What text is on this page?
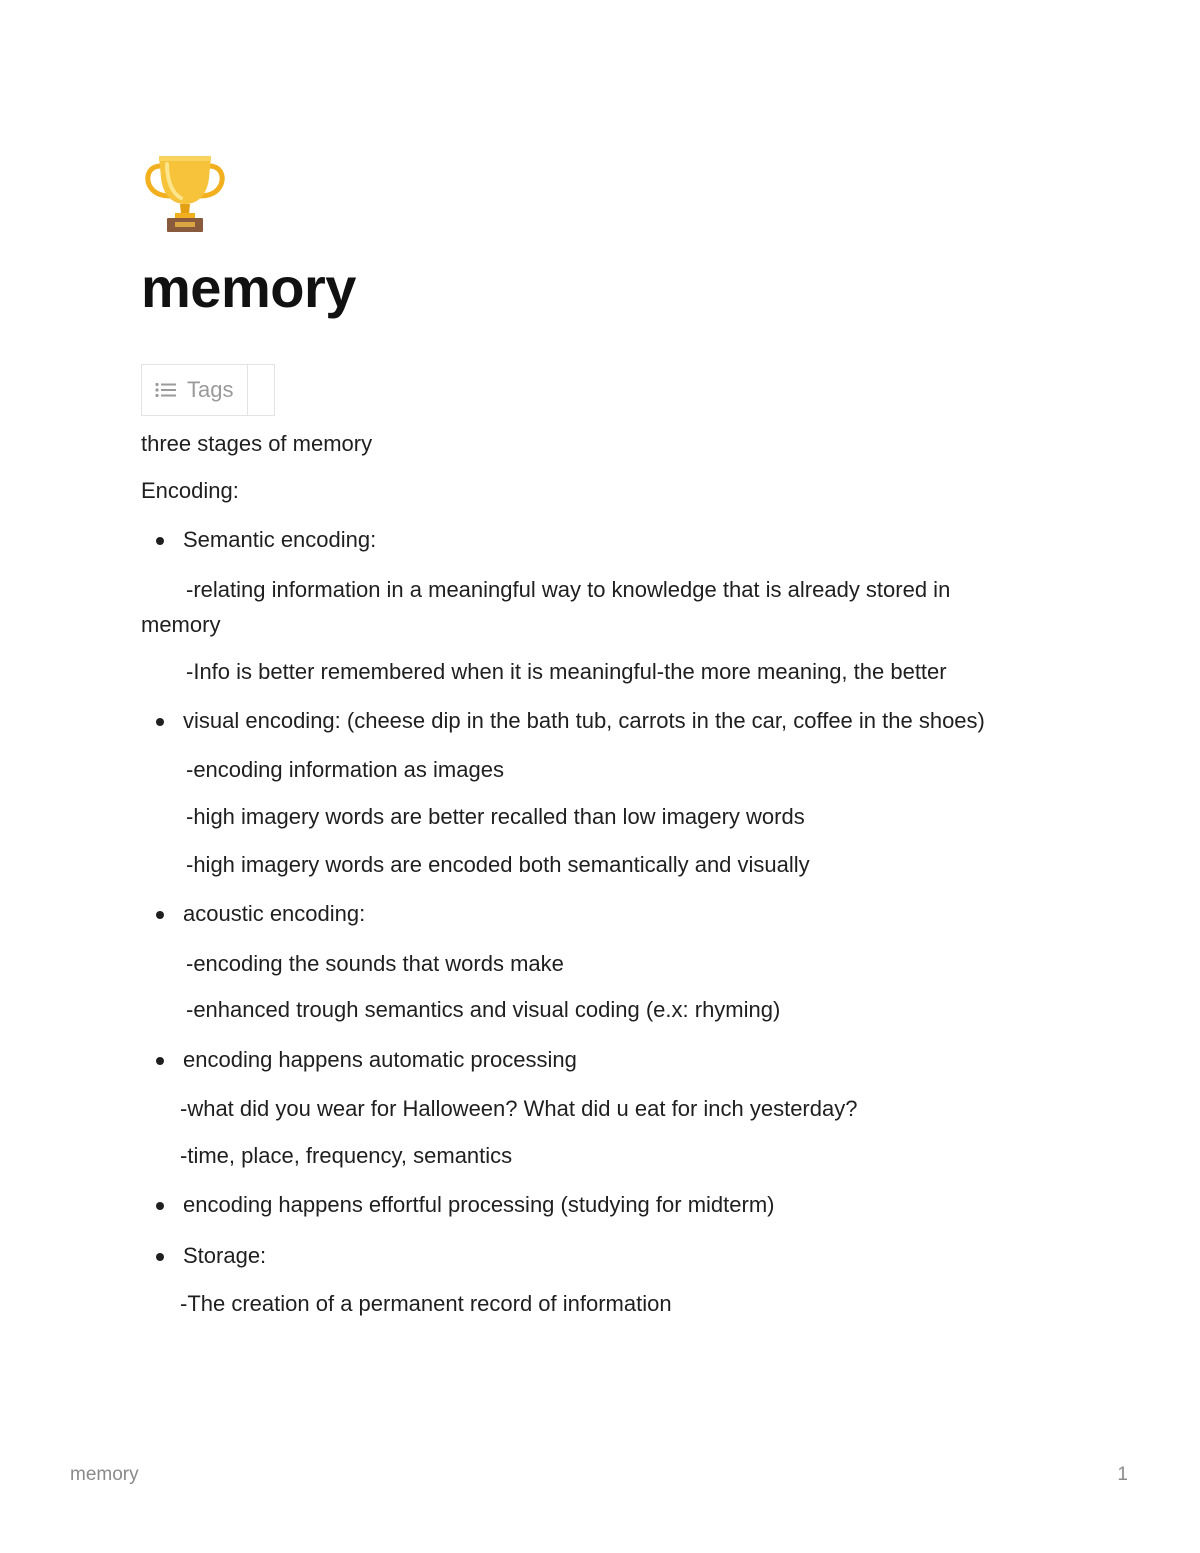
memory
Tags

three stages of memory

Encoding:

Semantic encoding:

-relating information in a meaningful way to knowledge that is already stored in

memory

-Info is better remembered when it is meaningful-the more meaning, the better

visual encoding: (cheese dip in the bath tub, carrots in the car, coffee in the shoes)

-encoding information as images

-high imagery words are better recalled than low imagery words

-high imagery words are encoded both semantically and visually

acoustic encoding:

-encoding the sounds that words make

-enhanced trough semantics and visual coding (e.x: rhyming)

encoding happens automatic processing

-what did you wear for Halloween? What did u eat for inch yesterday?

-time, place, frequency, semantics

encoding happens effortful processing (studying for midterm)

Storage:

-The creation of a permanent record of information

memory	1
